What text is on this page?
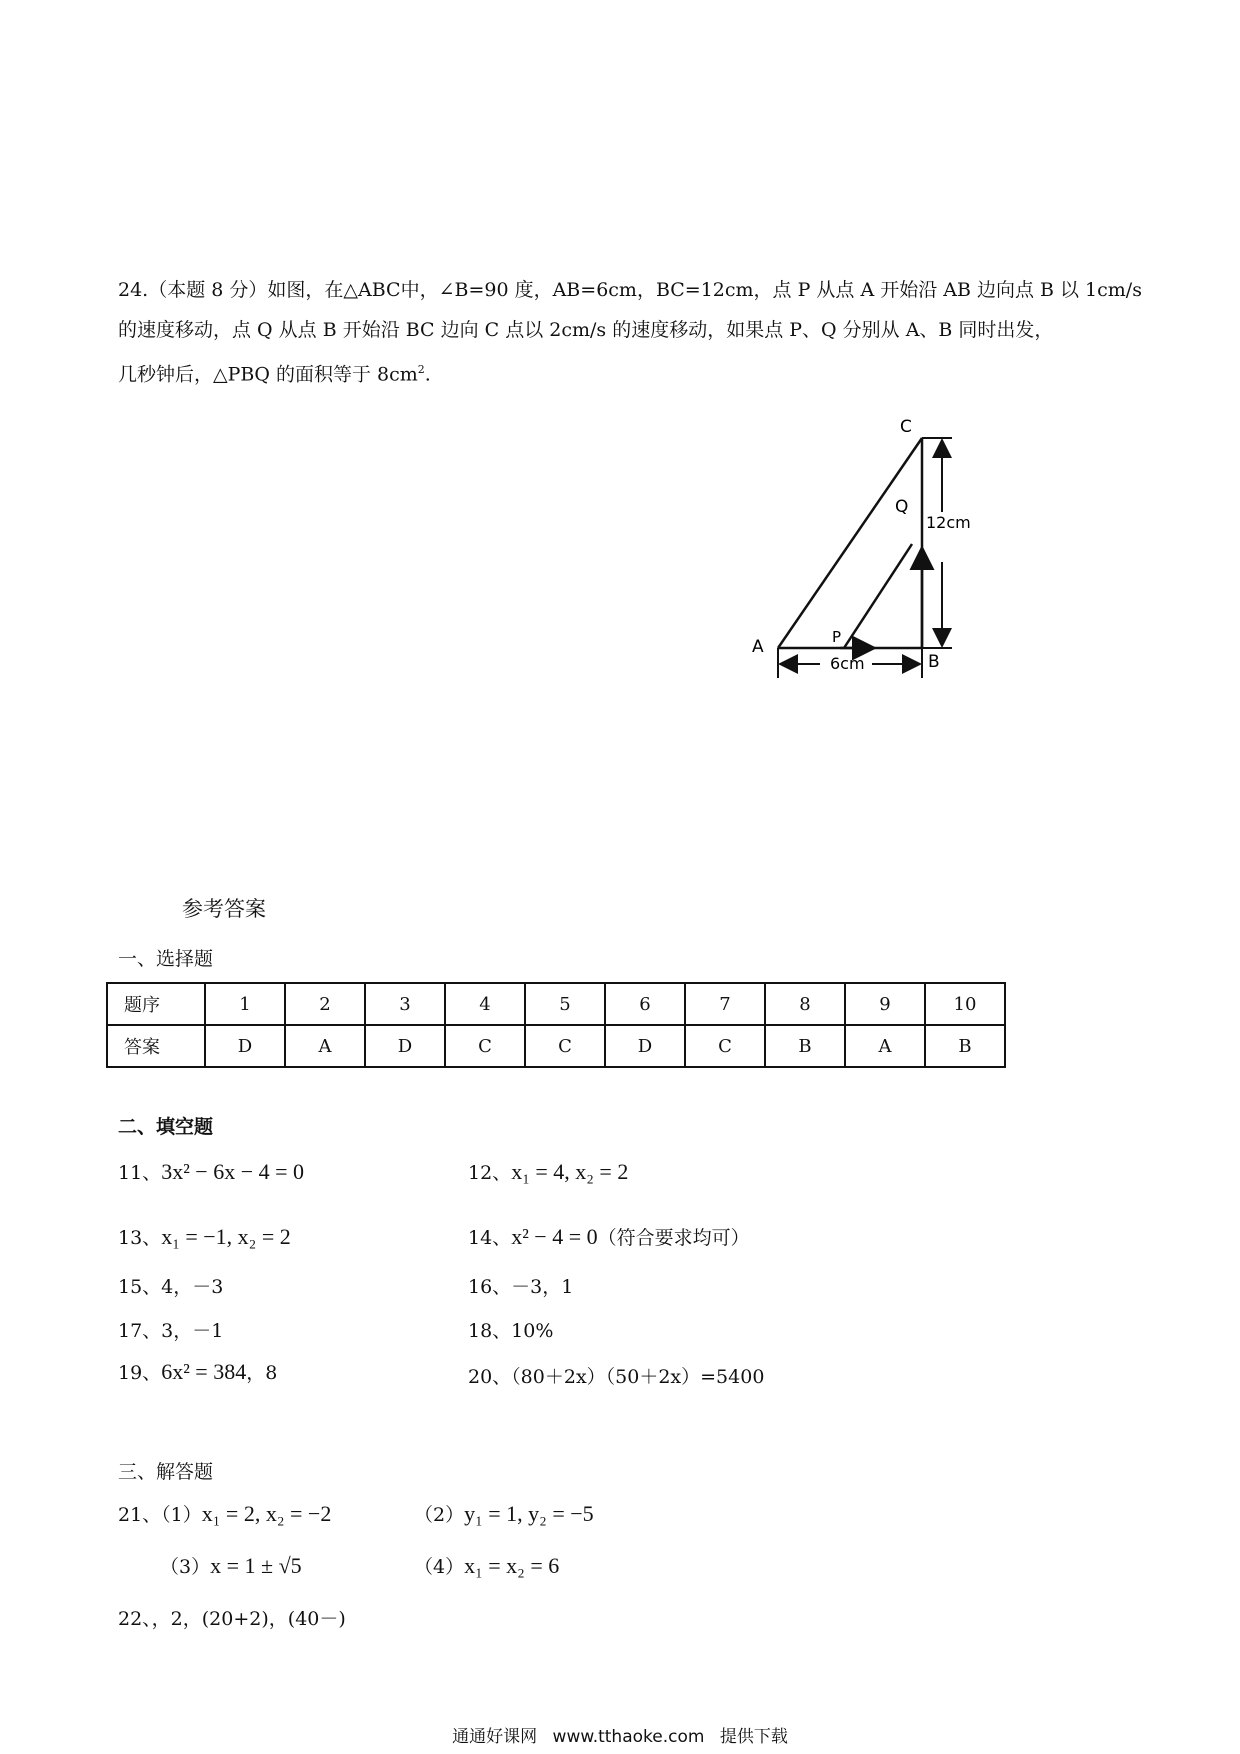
24.（本题 8 分）如图，在△ABC中，∠B=90 度，AB=6cm，BC=12cm，点 P 从点 A 开始沿 AB 边向点 B 以 1cm/s
的速度移动，点 Q 从点 B 开始沿 BC 边向 C 点以 2cm/s 的速度移动，如果点 P、Q 分别从 A、B 同时出发，
几秒钟后，△PBQ 的面积等于 $8cm^2$.
C
Q
12cm
A	P
6cm	B
参考答案
一、选择题
题序	1	2	3	4	5	6	7	8	9	10
答案	D	A	D	C	C	D	C	B	A	B
二、填空题
11、3x² − 6x − 4 = 0	12、x₁ = 4, x₂ = 2
13、x₁ = −1, x₂ = 2	14、x² − 4 = 0（符合要求均可）
15、4，－3	16、－3，1
17、3，－1	18、10%
19、6x² = 384，8	20、（80＋2x）（50＋2x）=5400
三、解答题
21、（1）x₁ = 2, x₂ = −2	（2）y₁ = 1, y₂ = −5
（3）x = 1 ± √5	（4）x₁ = x₂ = 6
22、，2，(20+2)，(40－)
通通好课网 www.tthaoke.com 提供下载
